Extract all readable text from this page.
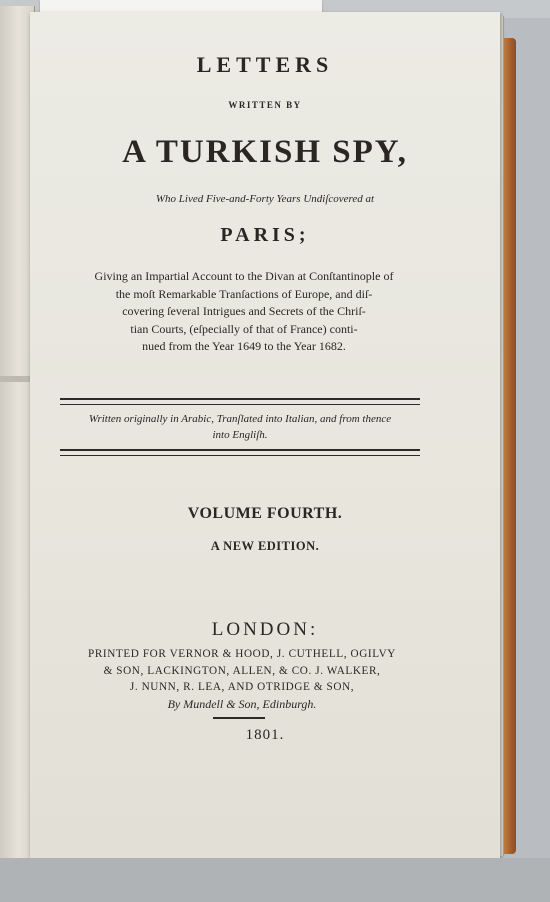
LETTERS
WRITTEN BY
A TURKISH SPY,
Who Lived Five-and-Forty Years Undiſcovered at
PARIS;
Giving an Impartial Account to the Divan at Conſtantinople of
the moſt Remarkable Tranſactions of Europe, and diſ-
covering ſeveral Intrigues and Secrets of the Chriſ-
tian Courts, (eſpecially of that of France) conti-
nued from the Year 1649 to the Year 1682.
Written originally in Arabic, Tranſlated into Italian, and from thence
into Engliſh.
VOLUME FOURTH.
A NEW EDITION.
LONDON:
PRINTED FOR VERNOR & HOOD, J. CUTHELL, OGILVY
& SON, LACKINGTON, ALLEN, & CO. J. WALKER,
J. NUNN, R. LEA, AND OTRIDGE & SON,
By Mundell & Son, Edinburgh.
1801.
